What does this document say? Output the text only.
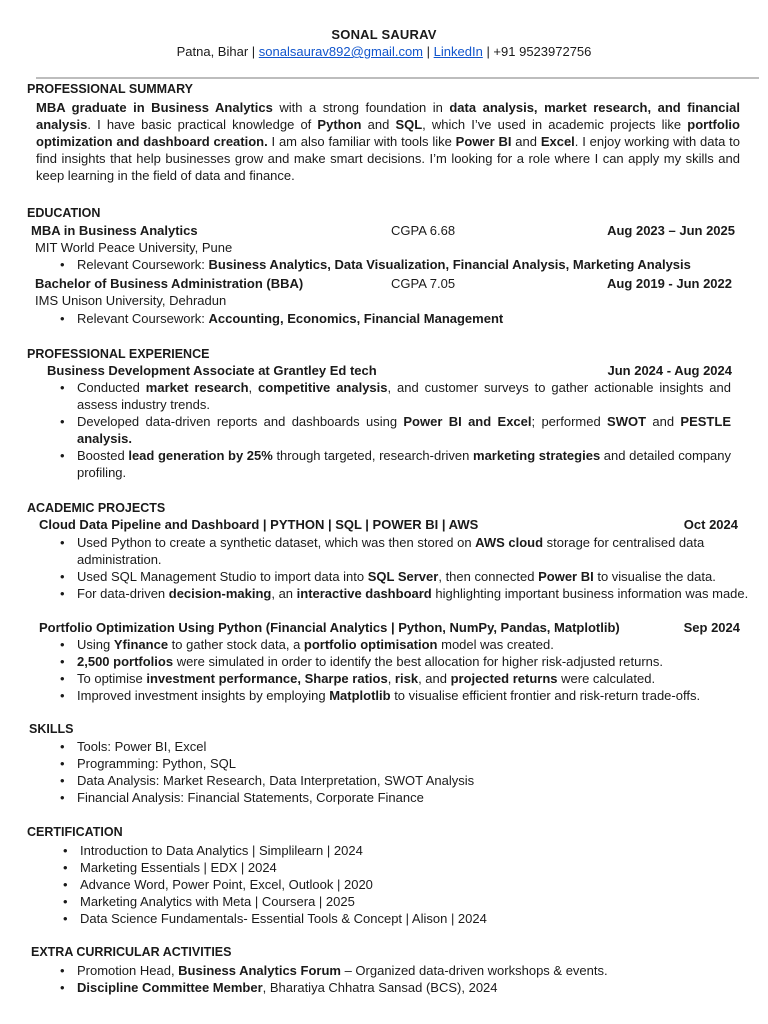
SONAL SAURAV
Patna, Bihar | sonalsaurav892@gmail.com | LinkedIn | +91 9523972756
PROFESSIONAL SUMMARY
MBA graduate in Business Analytics with a strong foundation in data analysis, market research, and financial analysis. I have basic practical knowledge of Python and SQL, which I’ve used in academic projects like portfolio optimization and dashboard creation. I am also familiar with tools like Power BI and Excel. I enjoy working with data to find insights that help businesses grow and make smart decisions. I’m looking for a role where I can apply my skills and keep learning in the field of data and finance.
EDUCATION
MBA in Business Analytics	CGPA 6.68	Aug 2023 – Jun 2025
MIT World Peace University, Pune
• Relevant Coursework: Business Analytics, Data Visualization, Financial Analysis, Marketing Analysis
Bachelor of Business Administration (BBA)	CGPA 7.05	Aug 2019 - Jun 2022
IMS Unison University, Dehradun
• Relevant Coursework: Accounting, Economics, Financial Management
PROFESSIONAL EXPERIENCE
Business Development Associate at Grantley Ed tech	Jun 2024 - Aug 2024
• Conducted market research, competitive analysis, and customer surveys to gather actionable insights and assess industry trends.
• Developed data-driven reports and dashboards using Power BI and Excel; performed SWOT and PESTLE analysis.
• Boosted lead generation by 25% through targeted, research-driven marketing strategies and detailed company profiling.
ACADEMIC PROJECTS
Cloud Data Pipeline and Dashboard | PYTHON | SQL | POWER BI | AWS	Oct 2024
• Used Python to create a synthetic dataset, which was then stored on AWS cloud storage for centralised data administration.
• Used SQL Management Studio to import data into SQL Server, then connected Power BI to visualise the data.
• For data-driven decision-making, an interactive dashboard highlighting important business information was made.
Portfolio Optimization Using Python (Financial Analytics | Python, NumPy, Pandas, Matplotlib)	Sep 2024
• Using Yfinance to gather stock data, a portfolio optimisation model was created.
• 2,500 portfolios were simulated in order to identify the best allocation for higher risk-adjusted returns.
• To optimise investment performance, Sharpe ratios, risk, and projected returns were calculated.
• Improved investment insights by employing Matplotlib to visualise efficient frontier and risk-return trade-offs.
SKILLS
• Tools: Power BI, Excel
• Programming: Python, SQL
• Data Analysis: Market Research, Data Interpretation, SWOT Analysis
• Financial Analysis: Financial Statements, Corporate Finance
CERTIFICATION
• Introduction to Data Analytics | Simplilearn | 2024
• Marketing Essentials | EDX | 2024
• Advance Word, Power Point, Excel, Outlook | 2020
• Marketing Analytics with Meta | Coursera | 2025
• Data Science Fundamentals- Essential Tools & Concept | Alison | 2024
EXTRA CURRICULAR ACTIVITIES
• Promotion Head, Business Analytics Forum – Organized data-driven workshops & events.
• Discipline Committee Member, Bharatiya Chhatra Sansad (BCS), 2024
